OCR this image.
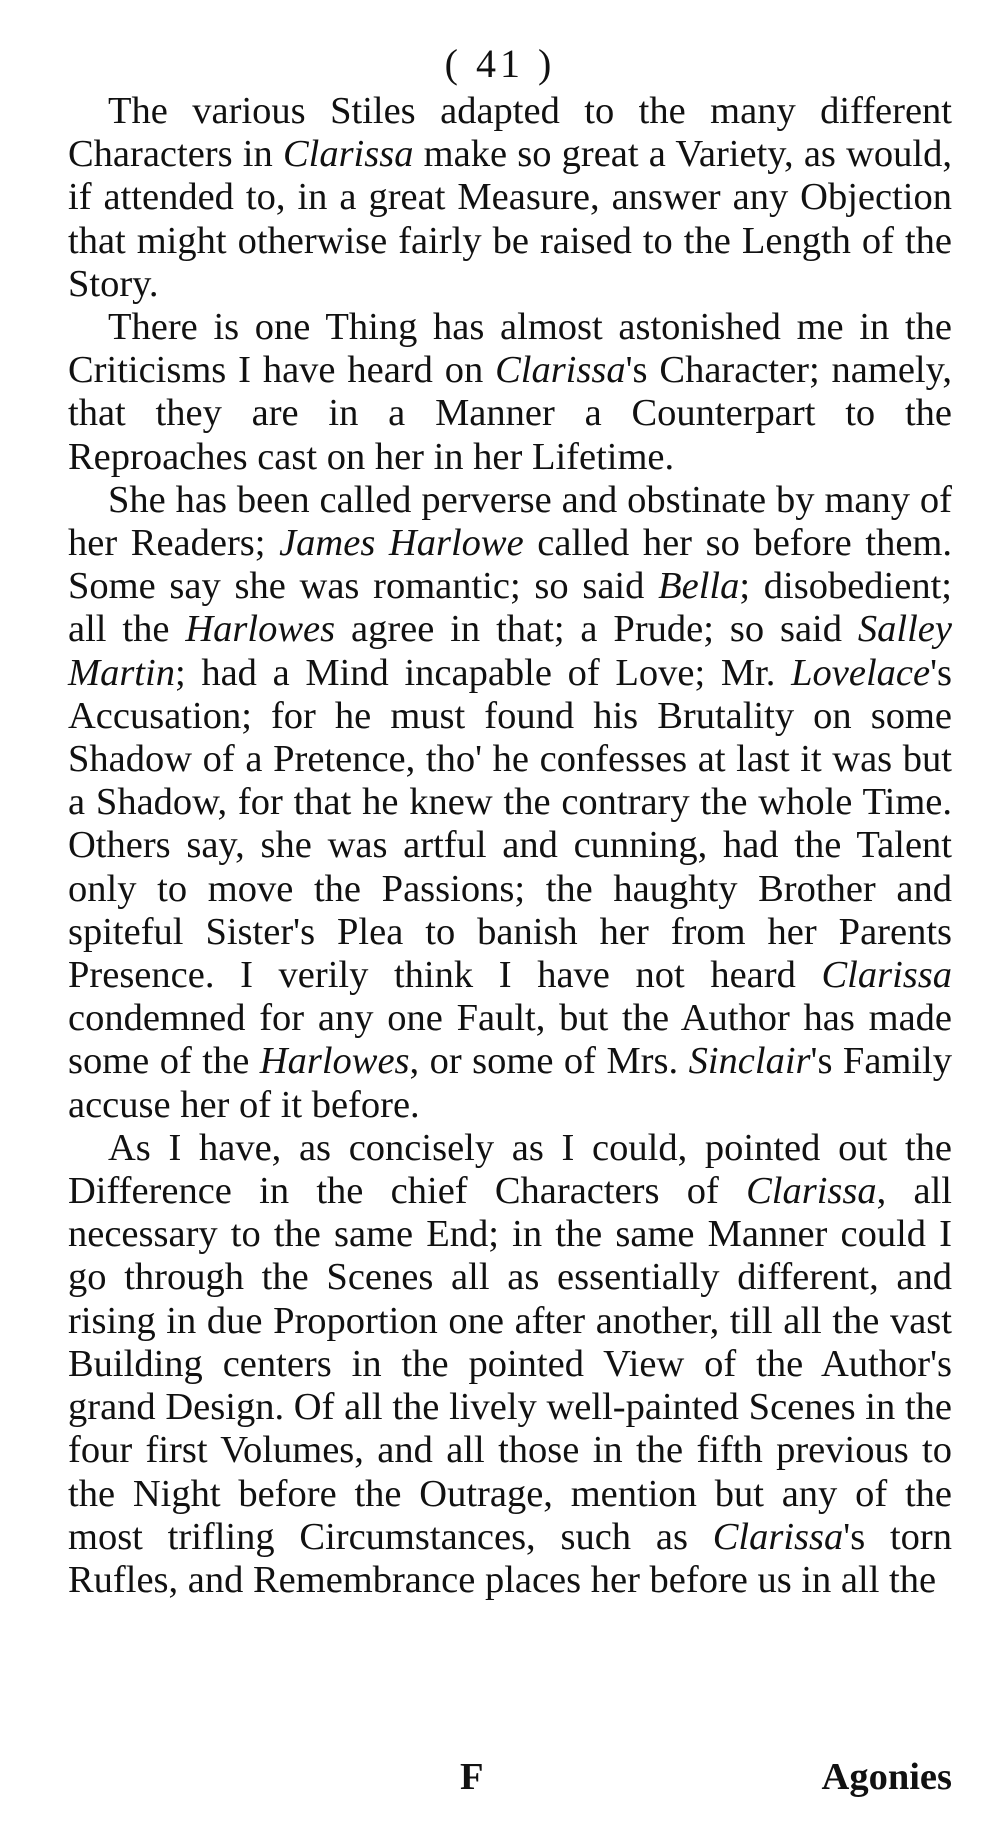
( 41 )

The various Stiles adapted to the many different Characters in Clarissa make so great a Variety, as would, if attended to, in a great Measure, answer any Objection that might otherwise fairly be raised to the Length of the Story.

There is one Thing has almost astonished me in the Criticisms I have heard on Clarissa's Character; namely, that they are in a Manner a Counterpart to the Reproaches cast on her in her Lifetime.

She has been called perverse and obstinate by many of her Readers; James Harlowe called her so before them. Some say she was romantic; so said Bella; disobedient; all the Harlowes agree in that; a Prude; so said Salley Martin; had a Mind incapable of Love; Mr. Lovelace's Accusation; for he must found his Brutality on some Shadow of a Pretence, tho' he confesses at last it was but a Shadow, for that he knew the contrary the whole Time. Others say, she was artful and cunning, had the Talent only to move the Passions; the haughty Brother and spiteful Sister's Plea to banish her from her Parents Presence. I verily think I have not heard Clarissa condemned for any one Fault, but the Author has made some of the Harlowes, or some of Mrs. Sinclair's Family accuse her of it before.

As I have, as concisely as I could, pointed out the Difference in the chief Characters of Clarissa, all necessary to the same End; in the same Manner could I go through the Scenes all as essentially different, and rising in due Proportion one after another, till all the vast Building centers in the pointed View of the Author's grand Design. Of all the lively well-painted Scenes in the four first Volumes, and all those in the fifth previous to the Night before the Outrage, mention but any of the most trifling Circumstances, such as Clarissa's torn Rufles, and Remembrance places her before us in all the

F	Agonies
